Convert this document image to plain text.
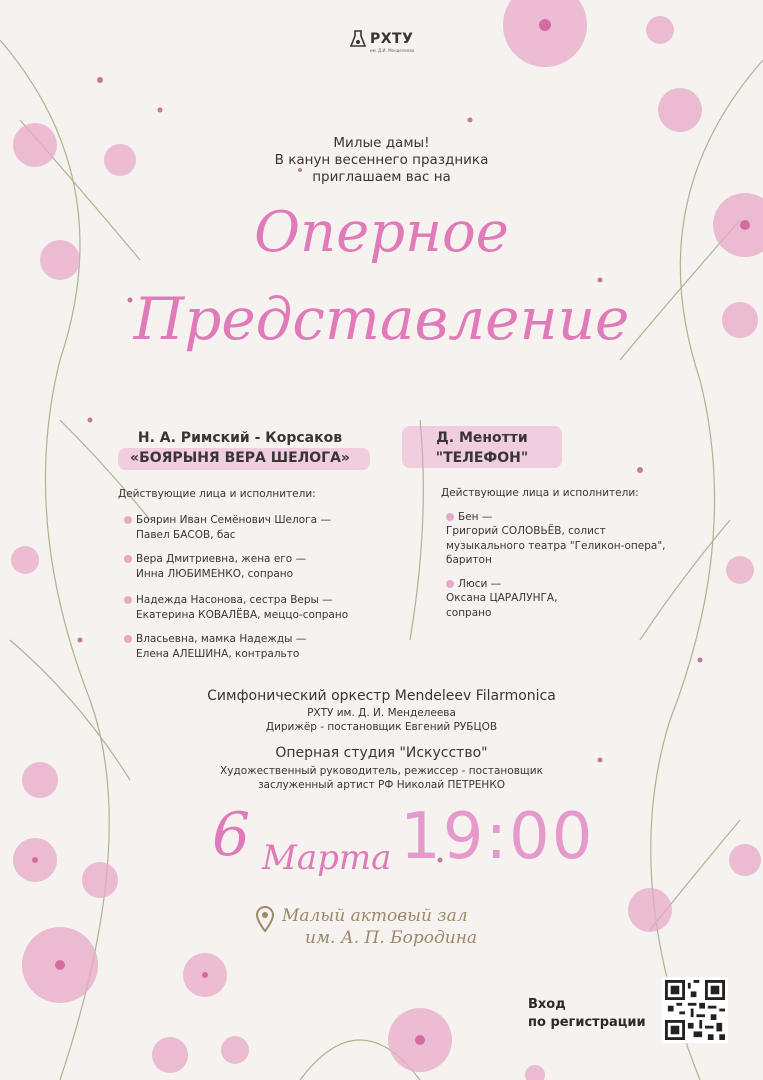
РХТУ
им. Д.И. Менделеева
Милые дамы!
В канун весеннего праздника
приглашаем вас на
Оперное
Представление
Н. А. Римский - Корсаков
«БОЯРЫНЯ ВЕРА ШЕЛОГА»
Действующие лица и исполнители:
Боярин Иван Семёнович Шелога —
Павел БАСОВ, бас
Вера Дмитриевна, жена его —
Инна ЛЮБИМЕНКО, сопрано
Надежда Насонова, сестра Веры —
Екатерина КОВАЛЁВА, меццо-сопрано
Власьевна, мамка Надежды —
Елена АЛЕШИНА, контральто
Д. Менотти
"ТЕЛЕФОН"
Действующие лица и исполнители:
Бен —
Григорий СОЛОВЬЁВ, солист
музыкального театра "Геликон-опера",
баритон
Люси —
Оксана ЦАРАЛУНГА,
сопрано
Симфонический оркестр Mendeleev Filarmonica
РХТУ им. Д. И. Менделеева
Дирижёр - постановщик Евгений РУБЦОВ
Оперная студия "Искусство"
Художественный руководитель, режиссер - постановщик
заслуженный артист РФ Николай ПЕТРЕНКО
6 Марта 19:00
Малый актовый зал
им. А. П. Бородина
Вход
по регистрации
